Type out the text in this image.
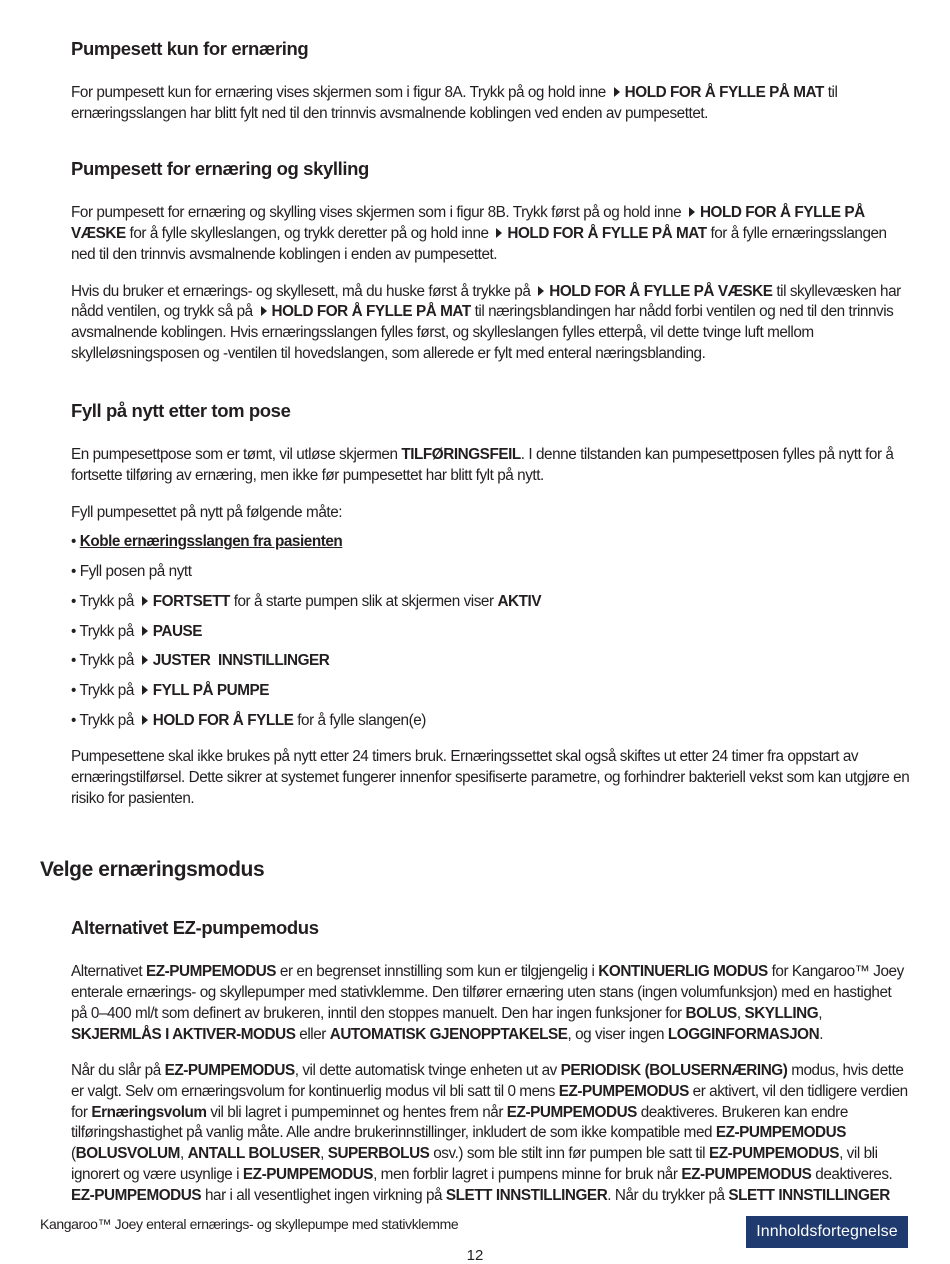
Pumpesett kun for ernæring

For pumpesett kun for ernæring vises skjermen som i figur 8A. Trykk på og hold inne HOLD FOR Å FYLLE PÅ MAT til ernæringsslangen har blitt fylt ned til den trinnvis avsmalnende koblingen ved enden av pumpesettet.

Pumpesett for ernæring og skylling

For pumpesett for ernæring og skylling vises skjermen som i figur 8B. Trykk først på og hold inne HOLD FOR Å FYLLE PÅ VÆSKE for å fylle skylleslangen, og trykk deretter på og hold inne HOLD FOR Å FYLLE PÅ MAT for å fylle ernæringsslangen ned til den trinnvis avsmalnende koblingen i enden av pumpesettet.

Hvis du bruker et ernærings- og skyllesett, må du huske først å trykke på HOLD FOR Å FYLLE PÅ VÆSKE til skyllevæsken har nådd ventilen, og trykk så på HOLD FOR Å FYLLE PÅ MAT til næringsblandingen har nådd forbi ventilen og ned til den trinnvis avsmalnende koblingen. Hvis ernæringsslangen fylles først, og skylleslangen fylles etterpå, vil dette tvinge luft mellom skylleløsningsposen og -ventilen til hovedslangen, som allerede er fylt med enteral næringsblanding.

Fyll på nytt etter tom pose

En pumpesettpose som er tømt, vil utløse skjermen TILFØRINGSFEIL. I denne tilstanden kan pumpesettposen fylles på nytt for å fortsette tilføring av ernæring, men ikke før pumpesettet har blitt fylt på nytt.

Fyll pumpesettet på nytt på følgende måte:

• Koble ernæringsslangen fra pasienten

• Fyll posen på nytt

• Trykk på FORTSETT for å starte pumpen slik at skjermen viser AKTIV

• Trykk på PAUSE

• Trykk på JUSTER  INNSTILLINGER

• Trykk på FYLL PÅ PUMPE

• Trykk på HOLD FOR Å FYLLE for å fylle slangen(e)

Pumpesettene skal ikke brukes på nytt etter 24 timers bruk. Ernæringssettet skal også skiftes ut etter 24 timer fra oppstart av ernæringstilførsel. Dette sikrer at systemet fungerer innenfor spesifiserte parametre, og forhindrer bakteriell vekst som kan utgjøre en risiko for pasienten.

Velge ernæringsmodus
Alternativet EZ-pumpemodus

Alternativet EZ-PUMPEMODUS er en begrenset innstilling som kun er tilgjengelig i KONTINUERLIG MODUS for Kangaroo™ Joey enterale ernærings- og skyllepumper med stativklemme. Den tilfører ernæring uten stans (ingen volumfunksjon) med en hastighet på 0–400 ml/t som definert av brukeren, inntil den stoppes manuelt. Den har ingen funksjoner for BOLUS, SKYLLING, SKJERMLÅS I AKTIVER-MODUS eller AUTOMATISK GJENOPPTAKELSE, og viser ingen LOGGINFORMASJON.

Når du slår på EZ-PUMPEMODUS, vil dette automatisk tvinge enheten ut av PERIODISK (BOLUSERNÆRING) modus, hvis dette er valgt. Selv om ernæringsvolum for kontinuerlig modus vil bli satt til 0 mens EZ-PUMPEMODUS er aktivert, vil den tidligere verdien for Ernæringsvolum vil bli lagret i pumpeminnet og hentes frem når EZ-PUMPEMODUS deaktiveres. Brukeren kan endre tilføringshastighet på vanlig måte. Alle andre brukerinnstillinger, inkludert de som ikke kompatible med EZ-PUMPEMODUS (BOLUSVOLUM, ANTALL BOLUSER, SUPERBOLUS osv.) som ble stilt inn før pumpen ble satt til EZ-PUMPEMODUS, vil bli ignorert og være usynlige i EZ-PUMPEMODUS, men forblir lagret i pumpens minne for bruk når EZ-PUMPEMODUS deaktiveres. EZ-PUMPEMODUS har i all vesentlighet ingen virkning på SLETT INNSTILLINGER. Når du trykker på SLETT INNSTILLINGER

Kangaroo™ Joey enteral ernærings- og skyllepumpe med stativklemme	Innholdsfortegnelse
12
